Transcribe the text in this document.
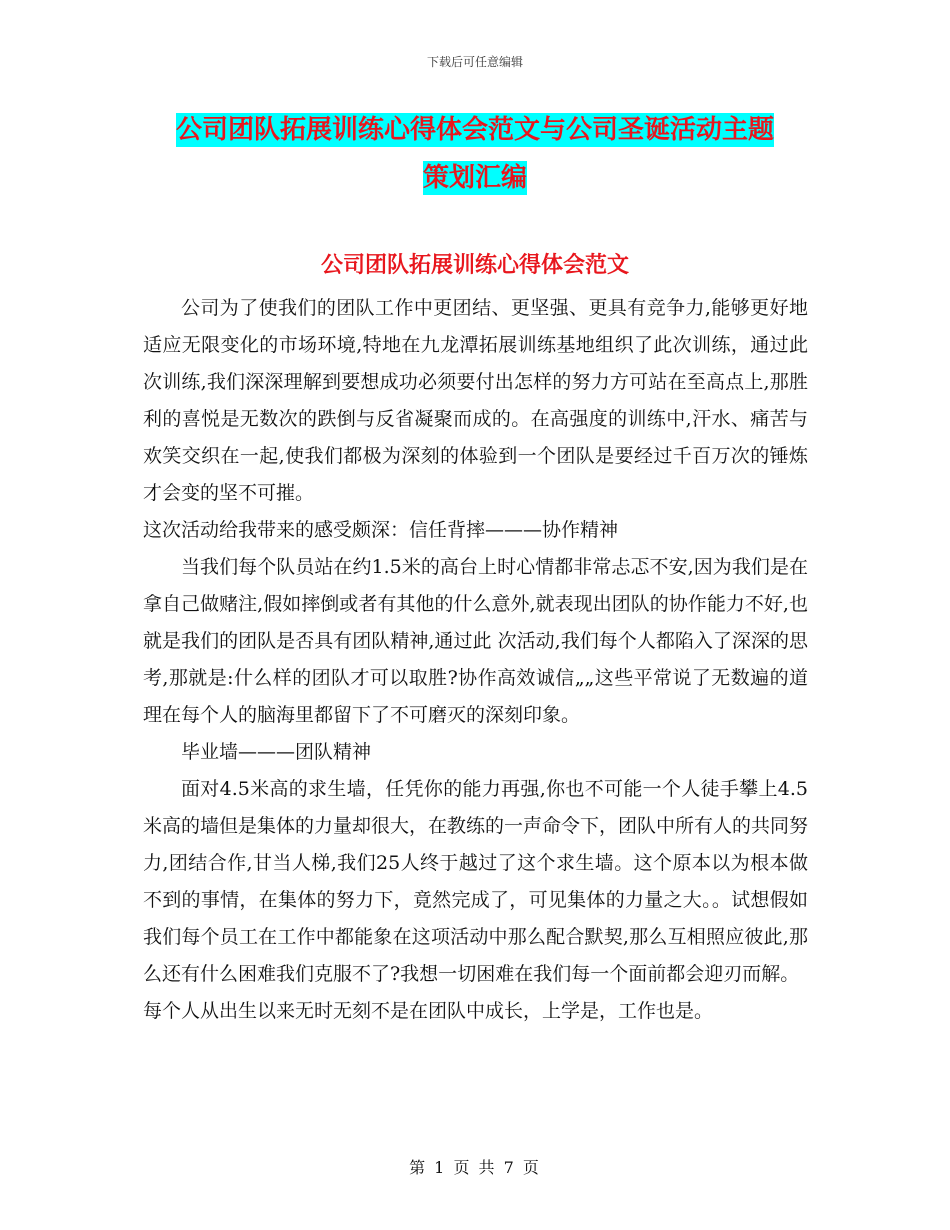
下载后可任意编辑
公司团队拓展训练心得体会范文与公司圣诞活动主题
策划汇编
公司团队拓展训练心得体会范文

公司为了使我们的团队工作中更团结、更坚强、更具有竞争力,能够更好地适应无限变化的市场环境,特地在九龙潭拓展训练基地组织了此次训练，通过此次训练,我们深深理解到要想成功必须要付出怎样的努力方可站在至高点上,那胜利的喜悦是无数次的跌倒与反省凝聚而成的。在高强度的训练中,汗水、痛苦与欢笑交织在一起,使我们都极为深刻的体验到一个团队是要经过千百万次的锤炼才会变的坚不可摧。

这次活动给我带来的感受颇深：信任背摔———协作精神

当我们每个队员站在约1.5米的高台上时心情都非常忐忑不安,因为我们是在拿自己做赌注,假如摔倒或者有其他的什么意外,就表现出团队的协作能力不好,也就是我们的团队是否具有团队精神,通过此 次活动,我们每个人都陷入了深深的思考,那就是:什么样的团队才可以取胜?协作高效诚信„„这些平常说了无数遍的道理在每个人的脑海里都留下了不可磨灭的深刻印象。

毕业墙———团队精神

面对4.5米高的求生墙，任凭你的能力再强,你也不可能一个人徒手攀上4.5米高的墙但是集体的力量却很大，在教练的一声命令下，团队中所有人的共同努力,团结合作,甘当人梯,我们25人终于越过了这个求生墙。这个原本以为根本做不到的事情，在集体的努力下，竟然完成了，可见集体的力量之大。。试想假如我们每个员工在工作中都能象在这项活动中那么配合默契,那么互相照应彼此,那么还有什么困难我们克服不了?我想一切困难在我们每一个面前都会迎刃而解。

每个人从出生以来无时无刻不是在团队中成长，上学是，工作也是。

第 1 页 共 7 页
